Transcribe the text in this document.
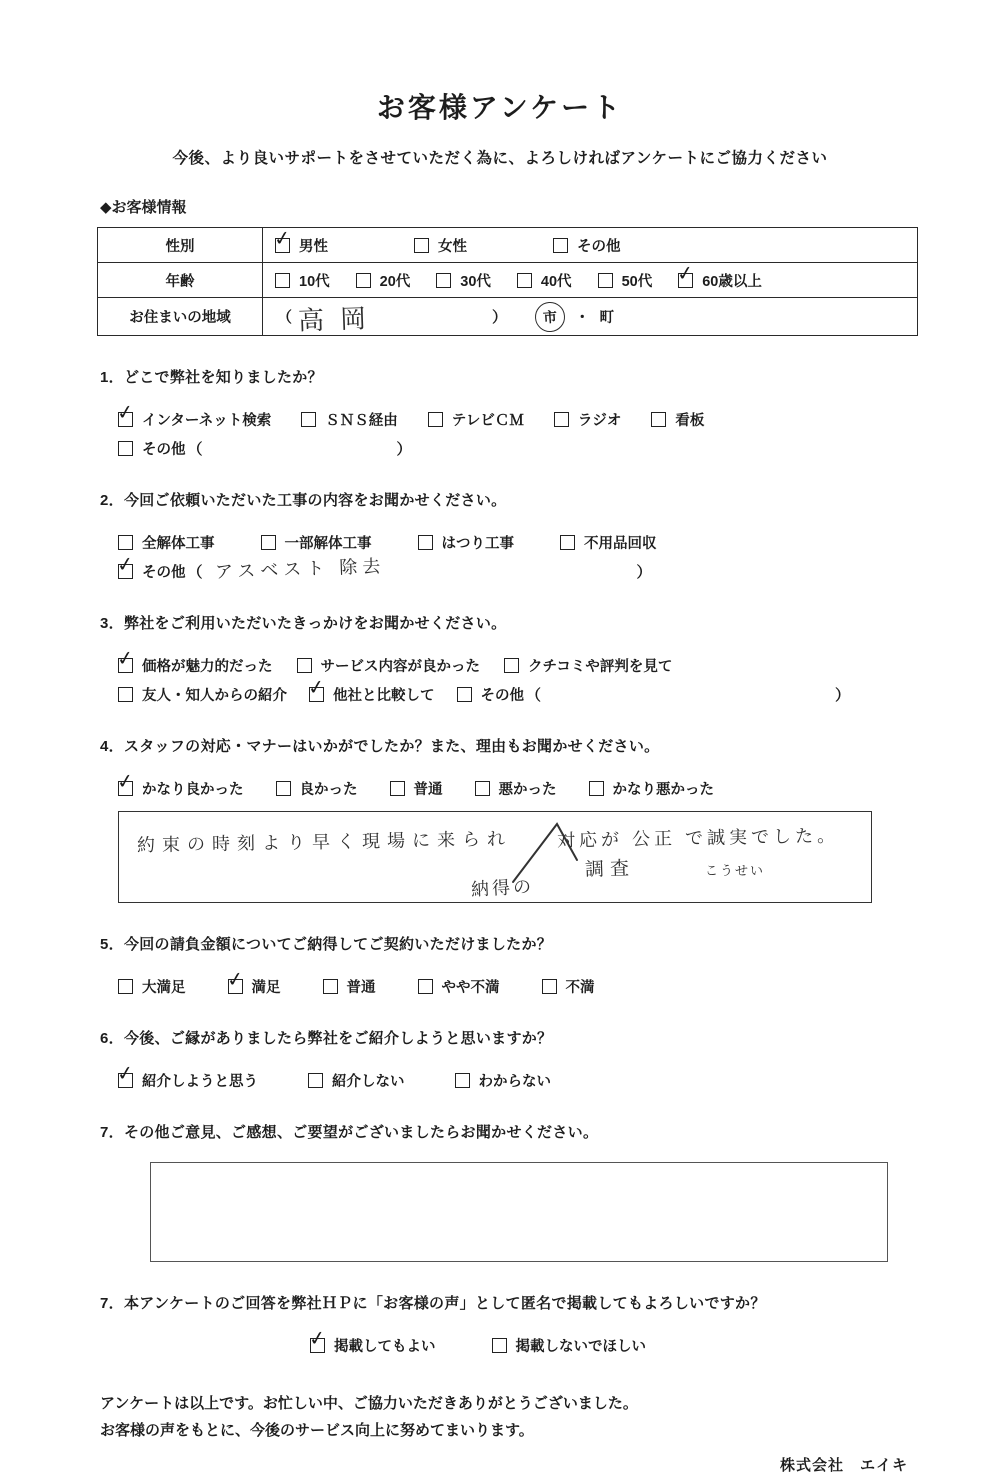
お客様アンケート

今後、より良いサポートをさせていただく為に、よろしければアンケートにご協力ください

◆お客様情報
性別	✓ 男性 女性 その他

年齢	10代	20代	30代	40代	50代 ✓ 60歳以上

お住まいの地域	（ 高岡	）	市	・ 町
1．どこで弊社を知りましたか？
✓ インターネット検索	ＳＮＳ経由	テレビＣＭ	ラジオ	看板
その他 （	）
2．今回ご依頼いただいた工事の内容をお聞かせください。
全解体工事	一部解体工事	はつり工事	不用品回収
✓ その他 （ アスベスト 除去	）
3．弊社をご利用いただいたきっかけをお聞かせください。
✓ 価格が魅力的だった	サービス内容が良かった	クチコミや評判を見て
友人・知人からの紹介 ✓ 他社と比較して	その他 （	）
4．スタッフの対応・マナーはいかがでしたか？また、理由もお聞かせください。
✓ かなり良かった	良かった	普通	悪かった	かなり悪かった
約束の時刻より早く現場に来られ 対応が 公正 で誠実でした。
調査	こうせい
納得の
5．今回の請負金額についてご納得してご契約いただけましたか？
大満足 ✓ 満足	普通	やや不満	不満
6．今後、ご縁がありましたら弊社をご紹介しようと思いますか？
✓ 紹介しようと思う	紹介しない	わからない
7．その他ご意見、ご感想、ご要望がございましたらお聞かせください。
7．本アンケートのご回答を弊社ＨＰに「お客様の声」として匿名で掲載してもよろしいですか？
✓ 掲載してもよい	掲載しないでほしい

アンケートは以上です。お忙しい中、ご協力いただきありがとうございました。

お客様の声をもとに、今後のサービス向上に努めてまいります。

株式会社　エイキ
